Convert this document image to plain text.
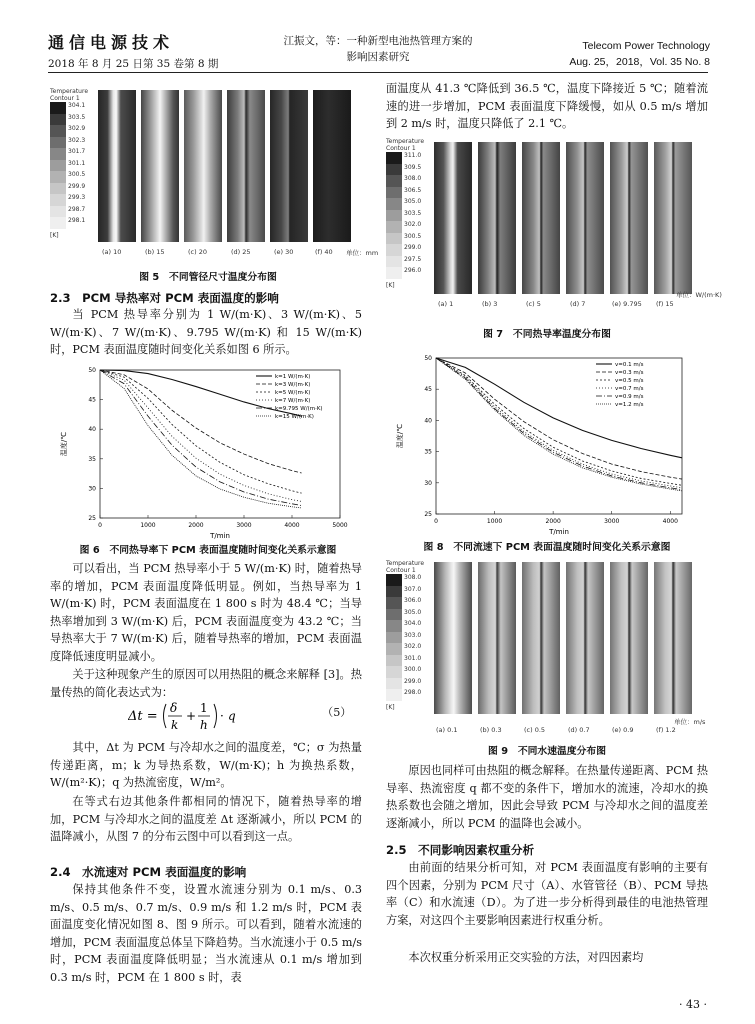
通信电源技术
2018 年 8 月 25 日第 35 卷第 8 期
江振文，等：一种新型电池热管理方案的
影响因素研究
Telecom Power Technology
Aug. 25，2018，Vol. 35 No. 8
Temperature Contour 1
304.1
303.5
302.9
302.3
301.7
301.1
300.5
299.9
299.3
298.7
298.1
[K]
(a) 10	(b) 15	(c) 20	(d) 25	(e) 30	(f) 40 单位：mm
图 5　不同管径尺寸温度分布图
2.3　PCM 导热率对 PCM 表面温度的影响
当 PCM 热导率分别为 1 W/(m·K)、3 W/(m·K)、5 W/(m·K)、7 W/(m·K)、9.795 W/(m·K) 和 15 W/(m·K) 时，PCM 表面温度随时间变化关系如图 6 所示。
0	1000	2000	3000	4000	5000
25
30
35
40
45
50
k=1 W/(m·K)
k=3 W/(m·K)
k=5 W/(m·K)
k=7 W/(m·K)
k=9.795 W/(m·K)
k=15 W/(m·K)
温度/℃
T/min
图 6　不同热导率下 PCM 表面温度随时间变化关系示意图
可以看出，当 PCM 热导率小于 5 W/(m·K) 时，随着热导率的增加，PCM 表面温度降低明显。例如，当热导率为 1 W/(m·K) 时，PCM 表面温度在 1 800 s 时为 48.4 ℃；当导热率增加到 3 W/(m·K) 后，PCM 表面温度变为 43.2 ℃；当导热率大于 7 W/(m·K) 后，随着导热率的增加，PCM 表面温度降低速度明显减小。
关于这种现象产生的原因可以用热阻的概念来解释 [3]。热量传热的简化表达式为：
Δt =
δ
k
+
1
h
· q	（5）
其中，Δt 为 PCM 与冷却水之间的温度差，℃；σ 为热量传递距离，m；k 为导热系数，W/(m·K)；h 为换热系数，W/(m²·K)；q 为热流密度，W/m²。
在等式右边其他条件都相同的情况下，随着热导率的增加，PCM 与冷却水之间的温度差 Δt 逐渐减小，所以 PCM 的温降减小，从图 7 的分布云图中可以看到这一点。
2.4　水流速对 PCM 表面温度的影响
保持其他条件不变，设置水流速分别为 0.1 m/s、0.3 m/s、0.5 m/s、0.7 m/s、0.9 m/s 和 1.2 m/s 时，PCM 表面温度变化情况如图 8、图 9 所示。可以看到，随着水流速的增加，PCM 表面温度总体呈下降趋势。当水流速小于 0.5 m/s 时，PCM 表面温度降低明显；当水流速从 0.1 m/s 增加到 0.3 m/s 时，PCM 在 1 800 s 时，表
面温度从 41.3 ℃降低到 36.5 ℃，温度下降接近 5 ℃；随着流速的进一步增加，PCM 表面温度下降缓慢，如从 0.5 m/s 增加到 2 m/s 时，温度只降低了 2.1 ℃。
Temperature Contour 1
311.0
309.5
308.0
306.5
305.0
303.5
302.0
300.5
299.0
297.5
296.0
[K]
(a) 1	(b) 3	(c) 5	(d) 7	(e) 9.795 (f) 15
单位：W/(m·K)
图 7　不同热导率温度分布图
0	1000	2000	3000	4000
25
30
35
40
45
50
v=0.1 m/s
v=0.3 m/s
v=0.5 m/s
v=0.7 m/s
v=0.9 m/s
v=1.2 m/s
温度/℃
T/min
图 8　不同流速下 PCM 表面温度随时间变化关系示意图
Temperature Contour 1
308.0
307.0
306.0
305.0
304.0
303.0
302.0
301.0
300.0
299.0
298.0
[K]
(a) 0.1	(b) 0.3	(c) 0.5	(d) 0.7	(e) 0.9	(f) 1.2
单位：m/s
图 9　不同水速温度分布图
原因也同样可由热阻的概念解释。在热量传递距离、PCM 热导率、热流密度 q 都不变的条件下，增加水的流速，冷却水的换热系数也会随之增加，因此会导致 PCM 与冷却水之间的温度差逐渐减小，所以 PCM 的温降也会减小。
2.5　不同影响因素权重分析
由前面的结果分析可知，对 PCM 表面温度有影响的主要有四个因素，分别为 PCM 尺寸（A）、水管管径（B）、PCM 导热率（C）和水流速（D）。为了进一步分析得到最佳的电池热管理方案，对这四个主要影响因素进行权重分析。
本次权重分析采用正交实验的方法，对四因素均
· 43 ·
